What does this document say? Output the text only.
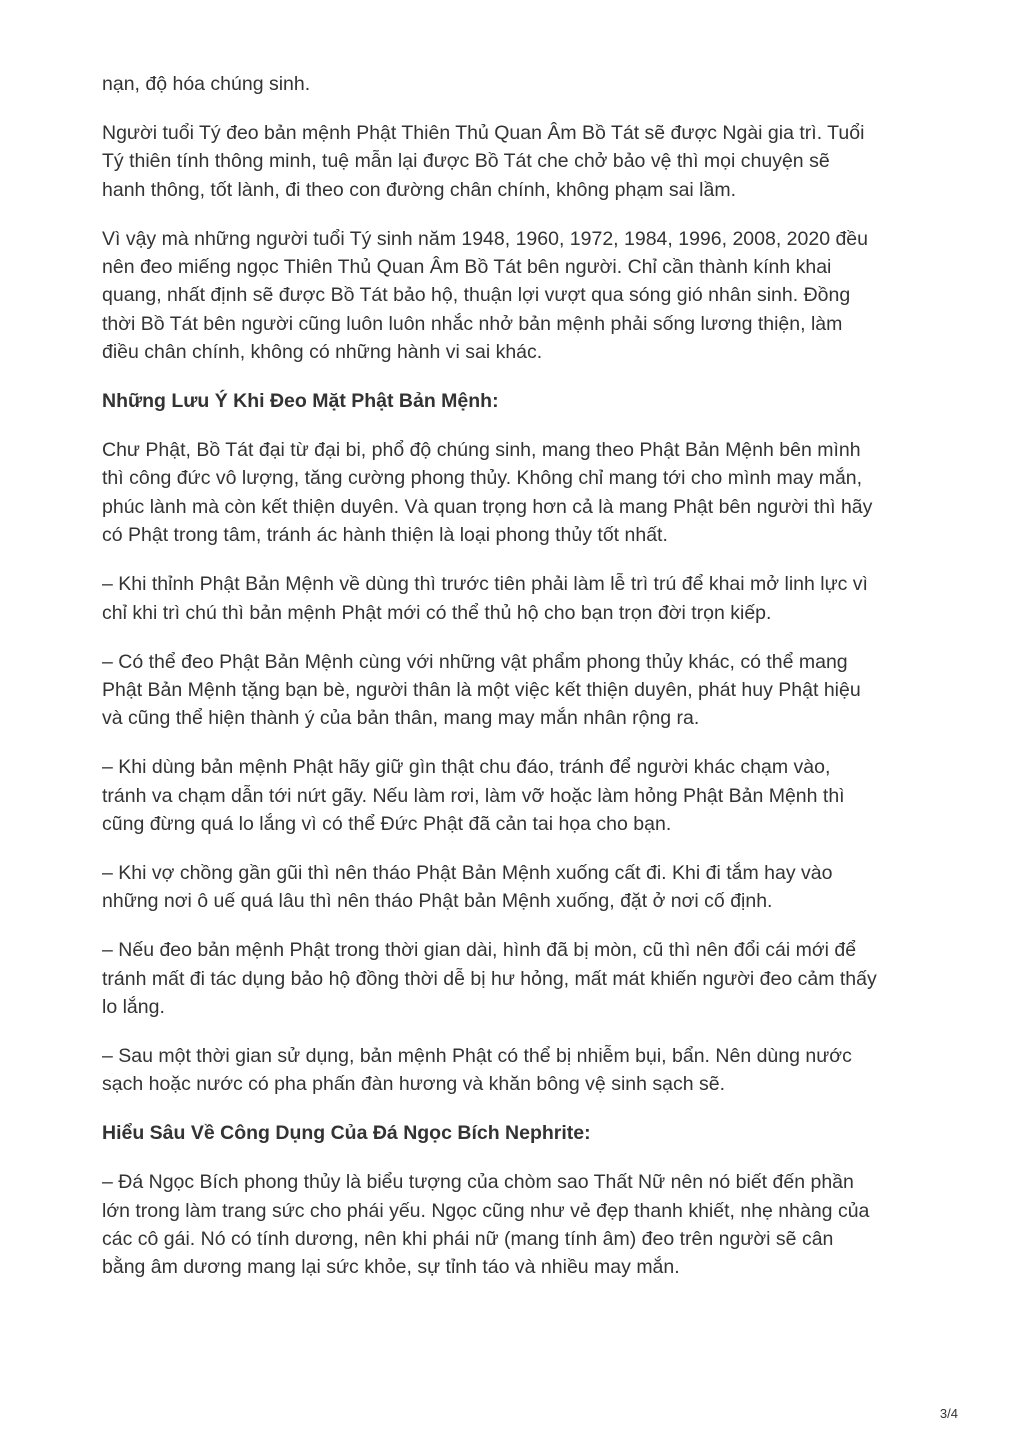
nạn, độ hóa chúng sinh.

Người tuổi Tý đeo bản mệnh Phật Thiên Thủ Quan Âm Bồ Tát sẽ được Ngài gia trì. Tuổi
Tý thiên tính thông minh, tuệ mẫn lại được Bồ Tát che chở bảo vệ thì mọi chuyện sẽ
hanh thông, tốt lành, đi theo con đường chân chính, không phạm sai lầm.

Vì vậy mà những người tuổi Tý sinh năm 1948, 1960, 1972, 1984, 1996, 2008, 2020 đều
nên đeo miếng ngọc Thiên Thủ Quan Âm Bồ Tát bên người. Chỉ cần thành kính khai
quang, nhất định sẽ được Bồ Tát bảo hộ, thuận lợi vượt qua sóng gió nhân sinh. Đồng
thời Bồ Tát bên người cũng luôn luôn nhắc nhở bản mệnh phải sống lương thiện, làm
điều chân chính, không có những hành vi sai khác.

Những Lưu Ý Khi Đeo Mặt Phật Bản Mệnh:

Chư Phật, Bồ Tát đại từ đại bi, phổ độ chúng sinh, mang theo Phật Bản Mệnh bên mình
thì công đức vô lượng, tăng cường phong thủy. Không chỉ mang tới cho mình may mắn,
phúc lành mà còn kết thiện duyên. Và quan trọng hơn cả là mang Phật bên người thì hãy
có Phật trong tâm, tránh ác hành thiện là loại phong thủy tốt nhất.

– Khi thỉnh Phật Bản Mệnh về dùng thì trước tiên phải làm lễ trì trú để khai mở linh lực vì
chỉ khi trì chú thì bản mệnh Phật mới có thể thủ hộ cho bạn trọn đời trọn kiếp.

– Có thể đeo Phật Bản Mệnh cùng với những vật phẩm phong thủy khác, có thể mang
Phật Bản Mệnh tặng bạn bè, người thân là một việc kết thiện duyên, phát huy Phật hiệu
và cũng thể hiện thành ý của bản thân, mang may mắn nhân rộng ra.

– Khi dùng bản mệnh Phật hãy giữ gìn thật chu đáo, tránh để người khác chạm vào,
tránh va chạm dẫn tới nứt gãy. Nếu làm rơi, làm vỡ hoặc làm hỏng Phật Bản Mệnh thì
cũng đừng quá lo lắng vì có thể Đức Phật đã cản tai họa cho bạn.

– Khi vợ chồng gần gũi thì nên tháo Phật Bản Mệnh xuống cất đi. Khi đi tắm hay vào
những nơi ô uế quá lâu thì nên tháo Phật bản Mệnh xuống, đặt ở nơi cố định.

– Nếu đeo bản mệnh Phật trong thời gian dài, hình đã bị mòn, cũ thì nên đổi cái mới để
tránh mất đi tác dụng bảo hộ đồng thời dễ bị hư hỏng, mất mát khiến người đeo cảm thấy
lo lắng.

– Sau một thời gian sử dụng, bản mệnh Phật có thể bị nhiễm bụi, bẩn. Nên dùng nước
sạch hoặc nước có pha phấn đàn hương và khăn bông vệ sinh sạch sẽ.

Hiểu Sâu Về Công Dụng Của Đá Ngọc Bích Nephrite:

– Đá Ngọc Bích phong thủy là biểu tượng của chòm sao Thất Nữ nên nó biết đến phần
lớn trong làm trang sức cho phái yếu. Ngọc cũng như vẻ đẹp thanh khiết, nhẹ nhàng của
các cô gái. Nó có tính dương, nên khi phái nữ (mang tính âm) đeo trên người sẽ cân
bằng âm dương mang lại sức khỏe, sự tỉnh táo và nhiều may mắn.

3/4
